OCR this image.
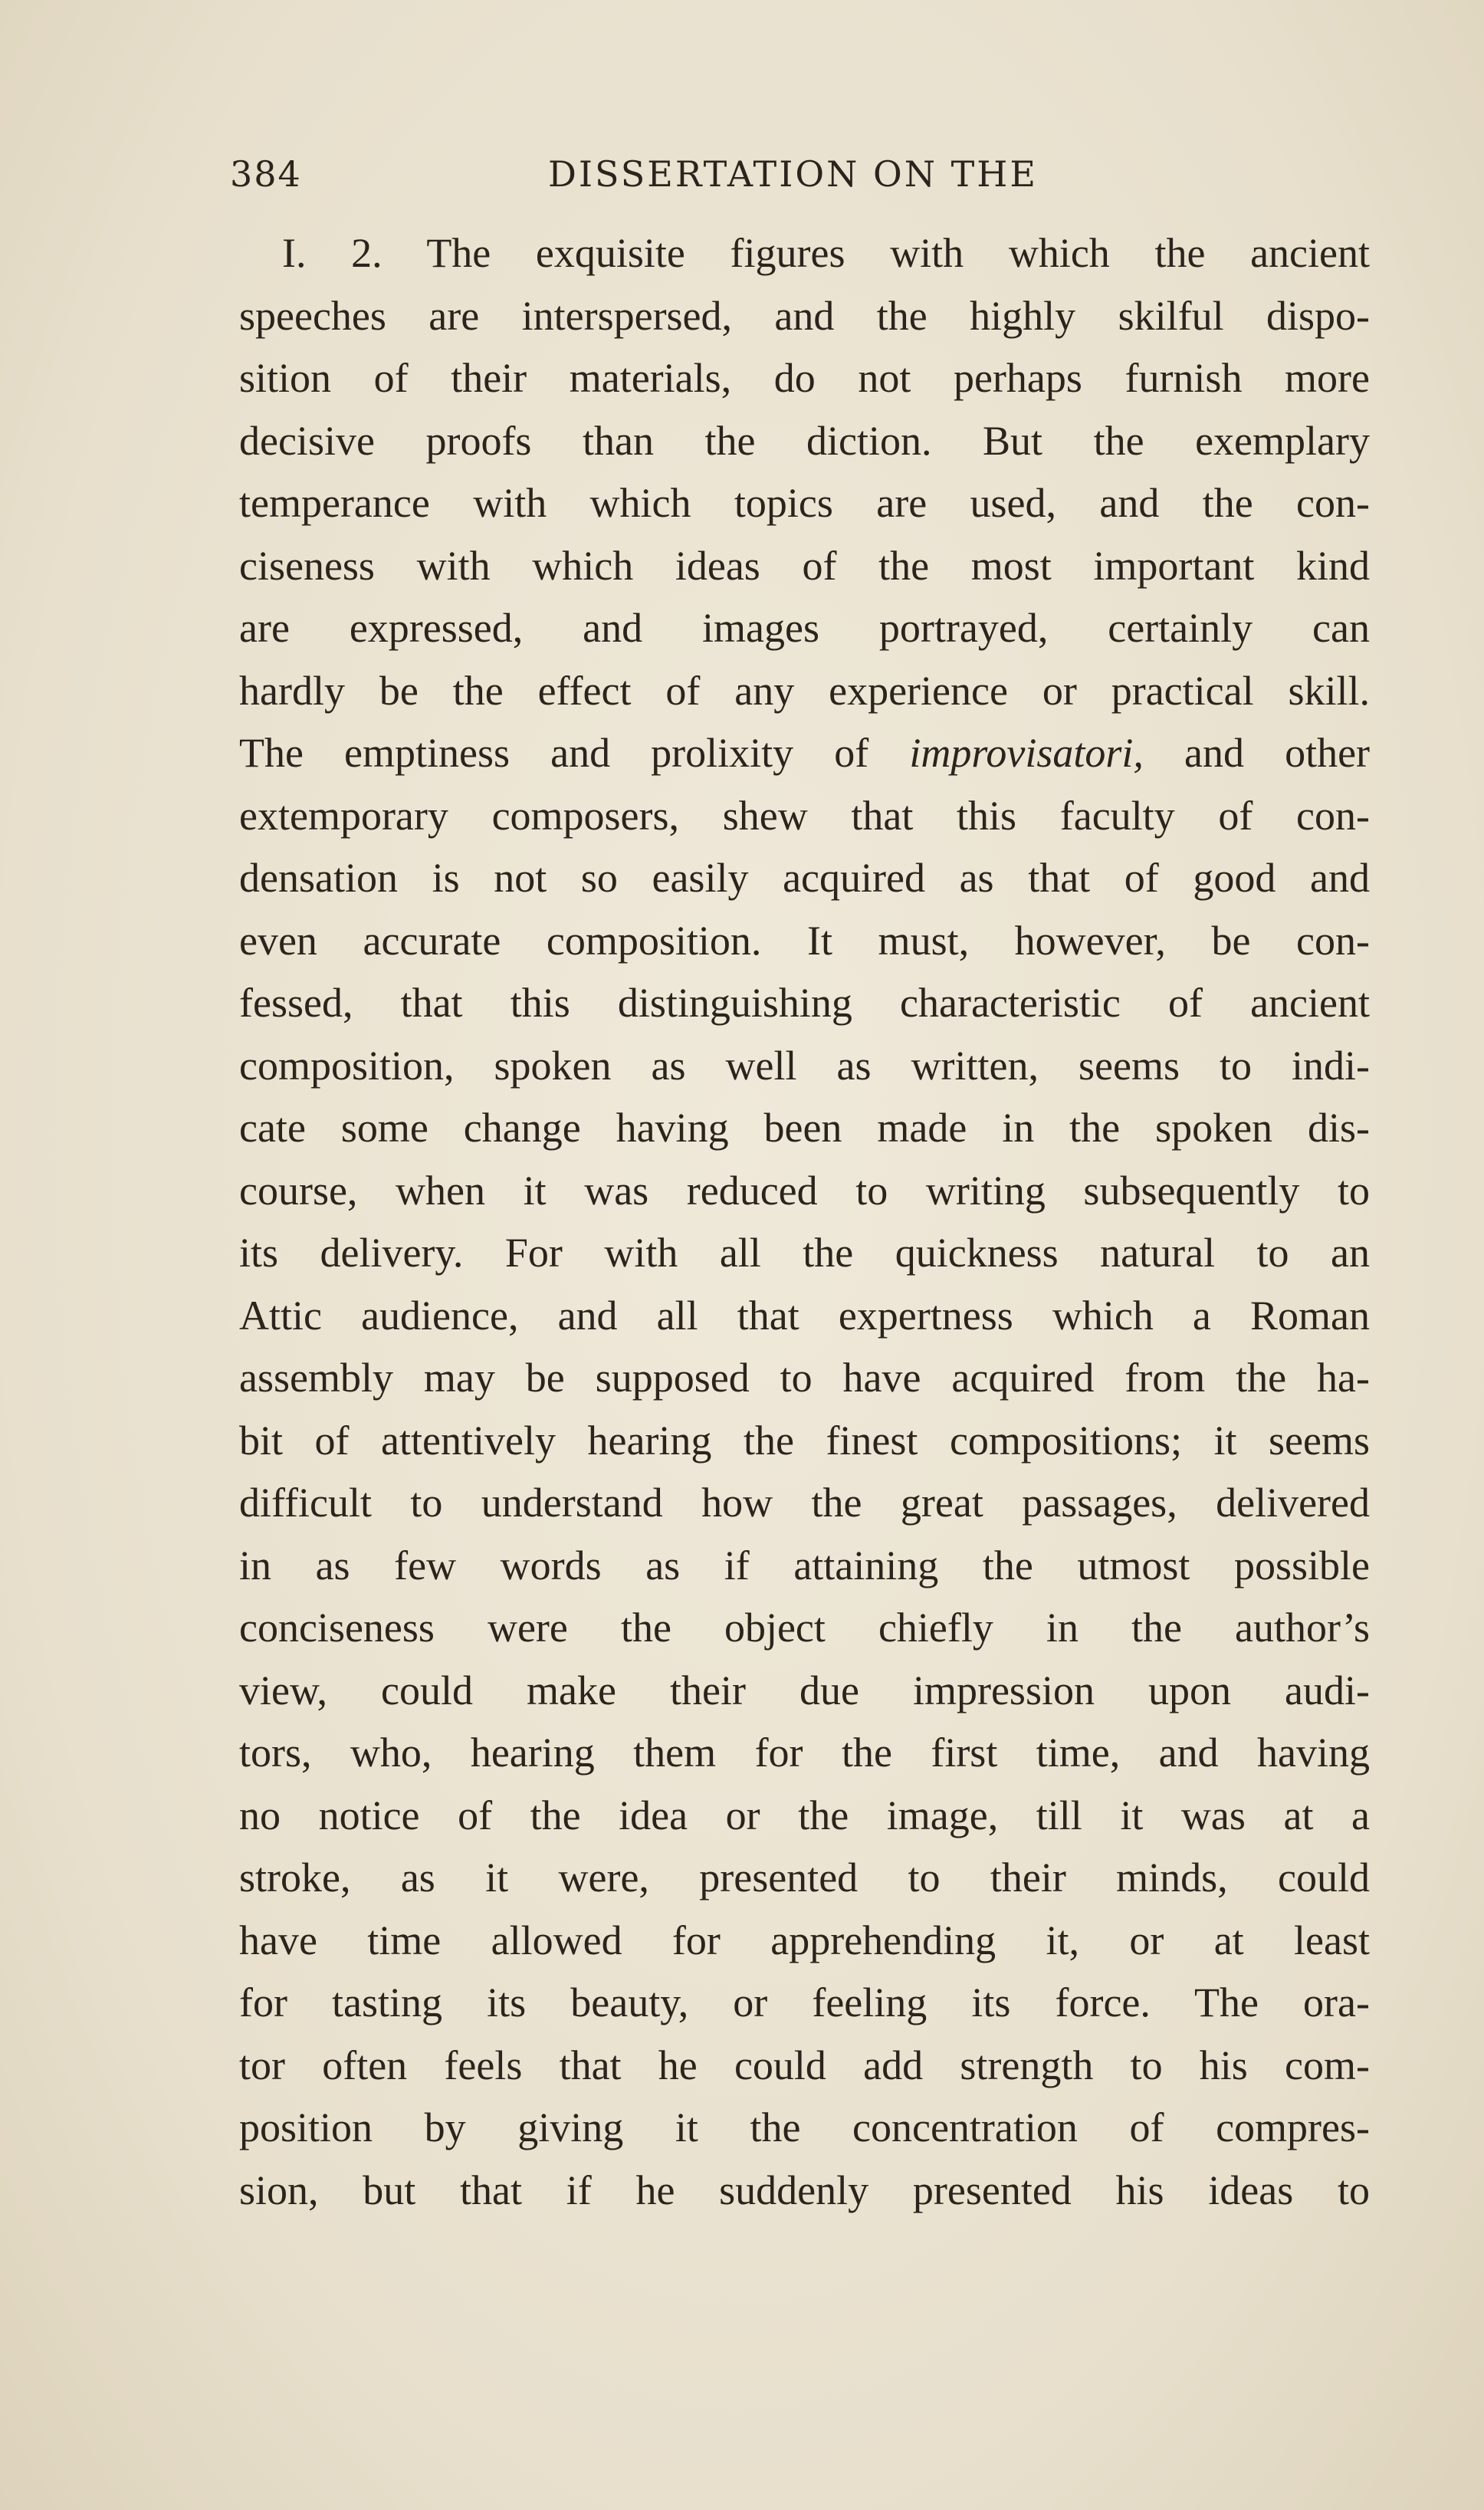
384	DISSERTATION ON THE
I. 2. The exquisite figures with which the ancient
speeches are interspersed, and the highly skilful dispo-
sition of their materials, do not perhaps furnish more
decisive proofs than the diction. But the exemplary
temperance with which topics are used, and the con-
ciseness with which ideas of the most important kind
are expressed, and images portrayed, certainly can
hardly be the effect of any experience or practical skill.
The emptiness and prolixity of improvisatori, and other
extemporary composers, shew that this faculty of con-
densation is not so easily acquired as that of good and
even accurate composition. It must, however, be con-
fessed, that this distinguishing characteristic of ancient
composition, spoken as well as written, seems to indi-
cate some change having been made in the spoken dis-
course, when it was reduced to writing subsequently to
its delivery. For with all the quickness natural to an
Attic audience, and all that expertness which a Roman
assembly may be supposed to have acquired from the ha-
bit of attentively hearing the finest compositions; it seems
difficult to understand how the great passages, delivered
in as few words as if attaining the utmost possible
conciseness were the object chiefly in the author’s
view, could make their due impression upon audi-
tors, who, hearing them for the first time, and having
no notice of the idea or the image, till it was at a
stroke, as it were, presented to their minds, could
have time allowed for apprehending it, or at least
for tasting its beauty, or feeling its force. The ora-
tor often feels that he could add strength to his com-
position by giving it the concentration of compres-
sion, but that if he suddenly presented his ideas to
